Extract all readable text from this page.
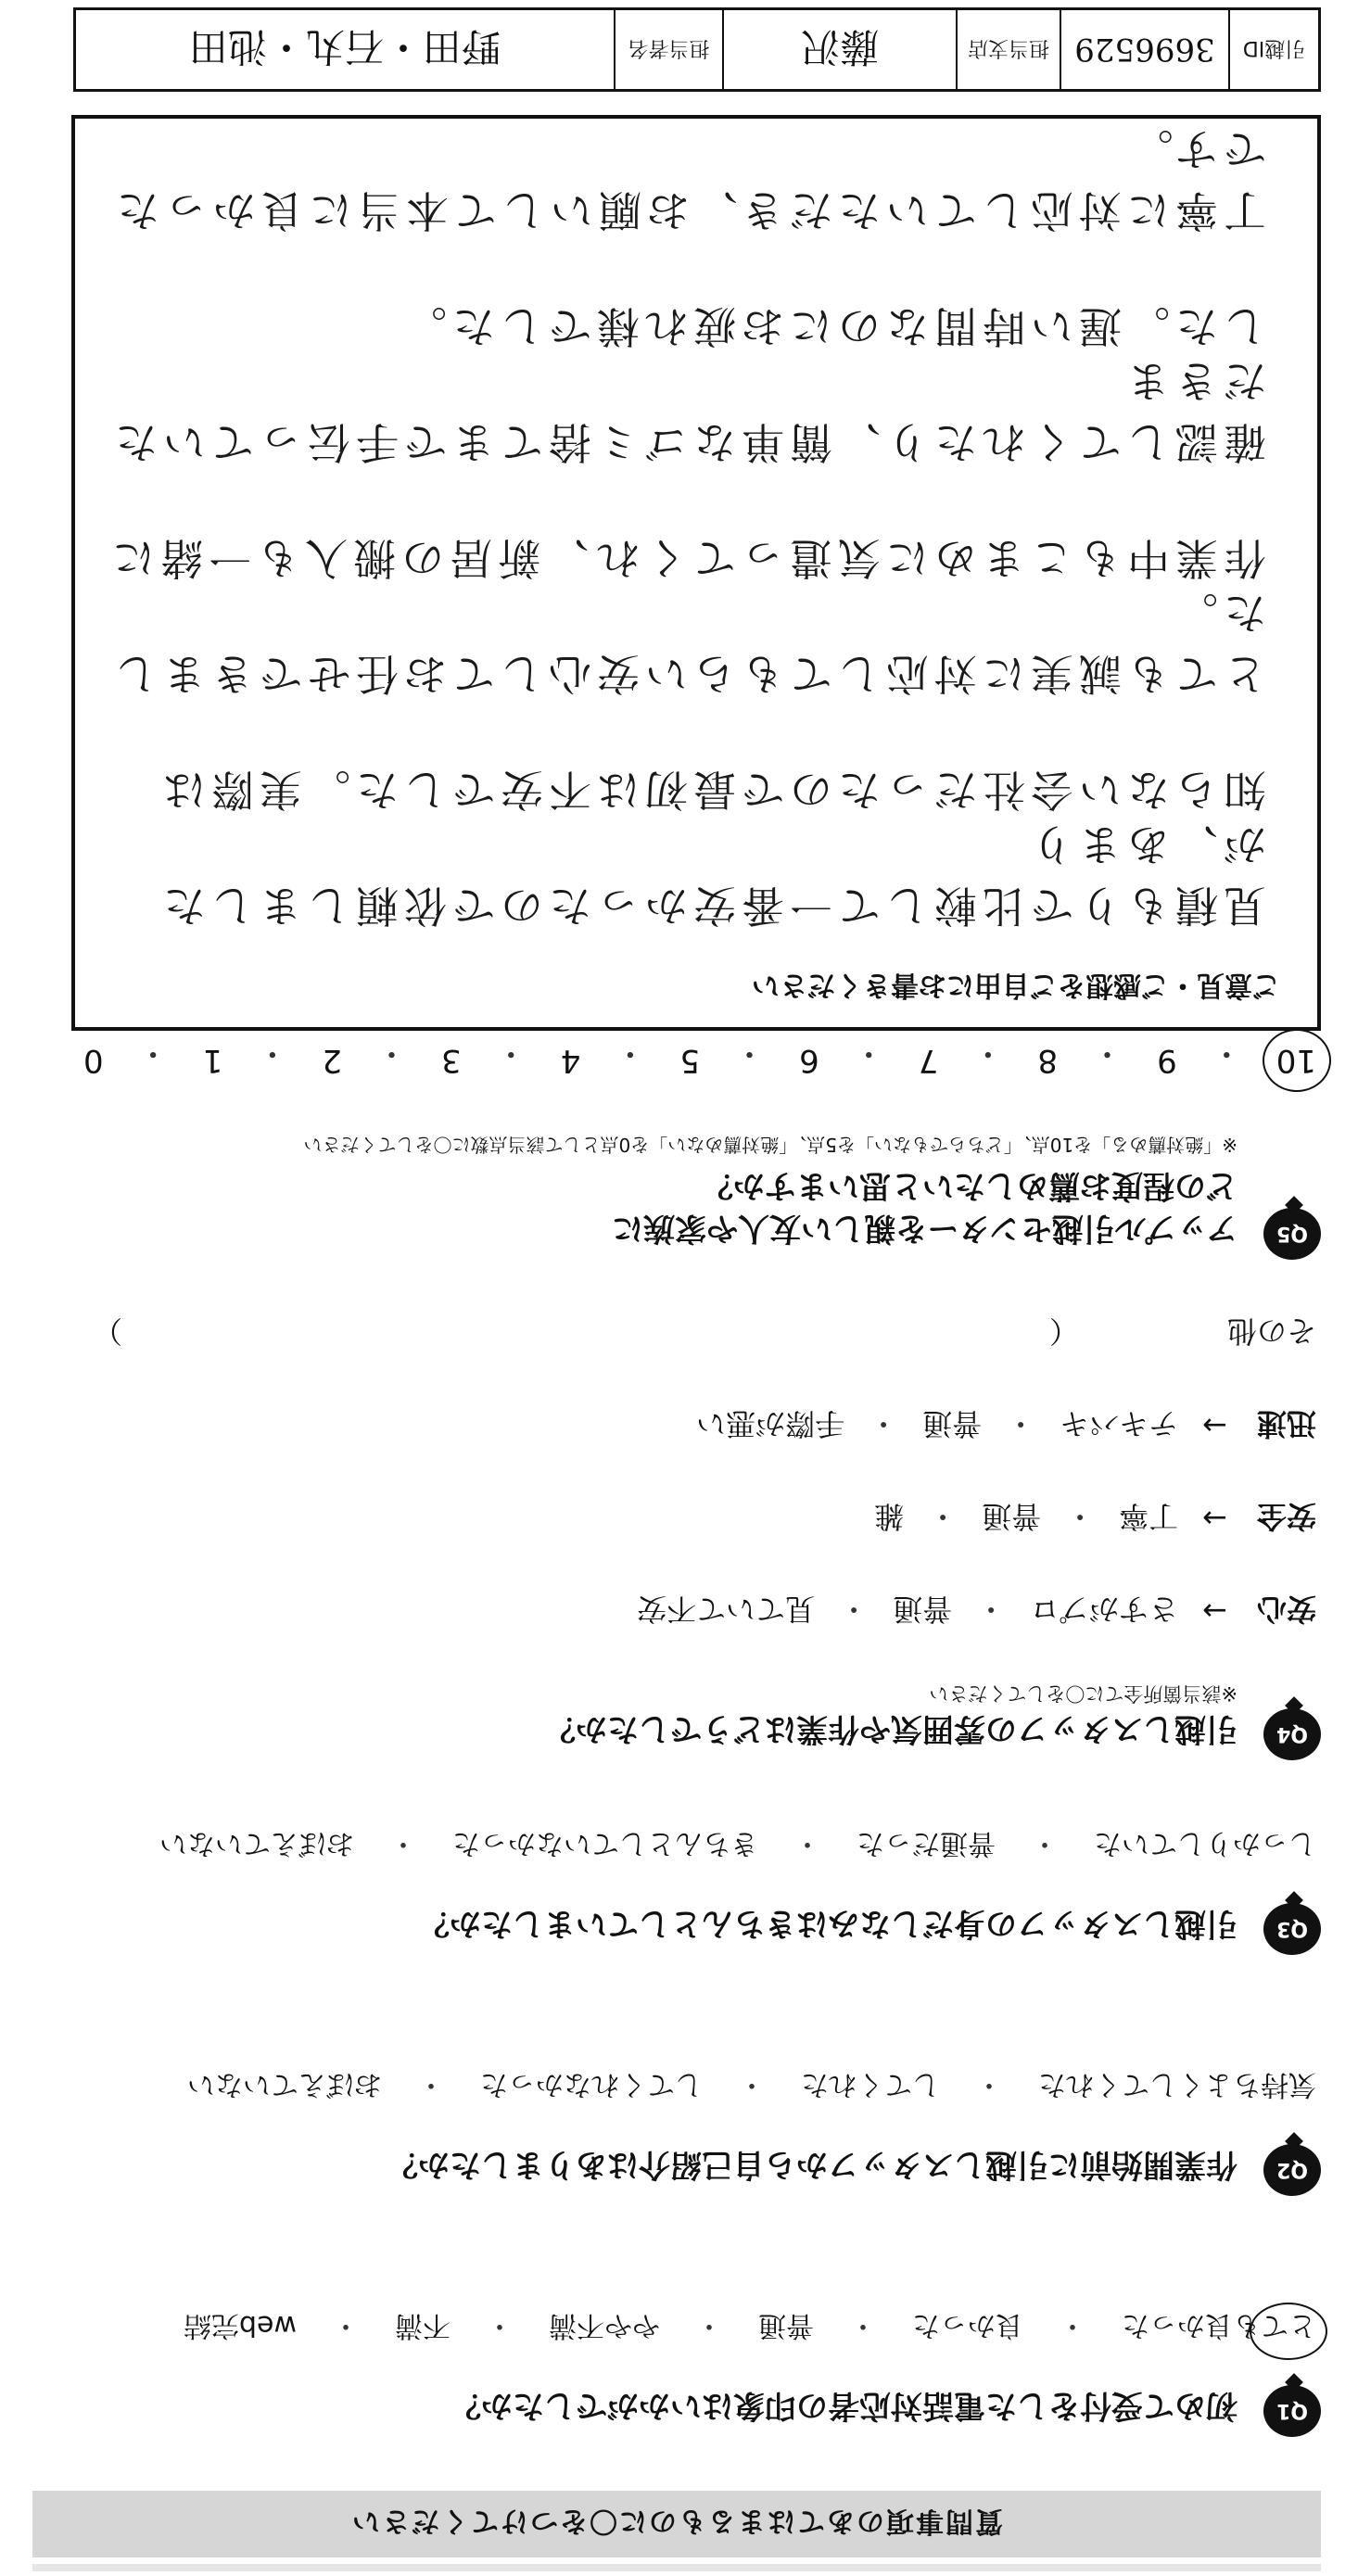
質問事項のあてはまるものに〇をつけてください
Q1
初めて受付をした電話対応者の印象はいかがでしたか？
とても良かった
・
良かった
・
普通
・
やや不満
・
不満
・
web完結
Q2
作業開始前に引越しスタッフから自己紹介はありましたか？
気持ちよくしてくれた
・
してくれた
・
してくれなかった
・
おぼえていない
Q3
引越しスタッフの身だしなみはきちんとしていましたか？
しっかりしていた
・
普通だった
・
きちんとしていなかった
・
おぼえていない
Q4
引越しスタッフの雰囲気や作業はどうでしたか？
※該当箇所全てに〇をしてください
安心
→
さすがプロ
・
普通
・
見ていて不安
安全
→
丁寧
・
普通
・
雑
迅速
→
テキパキ
・
普通
・
手際が悪い
その他
（）
Q5
アップル引越センターを親しい友人や家族に
どの程度お薦めしたいと思いますか？
※「絶対薦める」を10点、「どちらでもない」を5点、「絶対薦めない」を0点として該当点数に〇をしてください
10
・
9
・
8
・
7
・
6
・
5
・
4
・
3
・
2
・
1
・
0
ご意見・ご感想をご自由にお書きください
見積もりで比較して一番安かったので依頼しましたが、あまり
知らない会社だったので最初は不安でした。実際は
とても誠実に対応してもらい安心してお任せできました。
作業中もこまめに気遣ってくれ、新居の搬入も一緒に
確認してくれたり、簡単なゴミ捨てまで手伝っていただきま
した。遅い時間なのにお疲れ様でした。
丁寧に対応していただき、お願いして本当に良かったです。
引越ID
3696529
担当支店
藤沢
担当者名
野田・石丸・池田
